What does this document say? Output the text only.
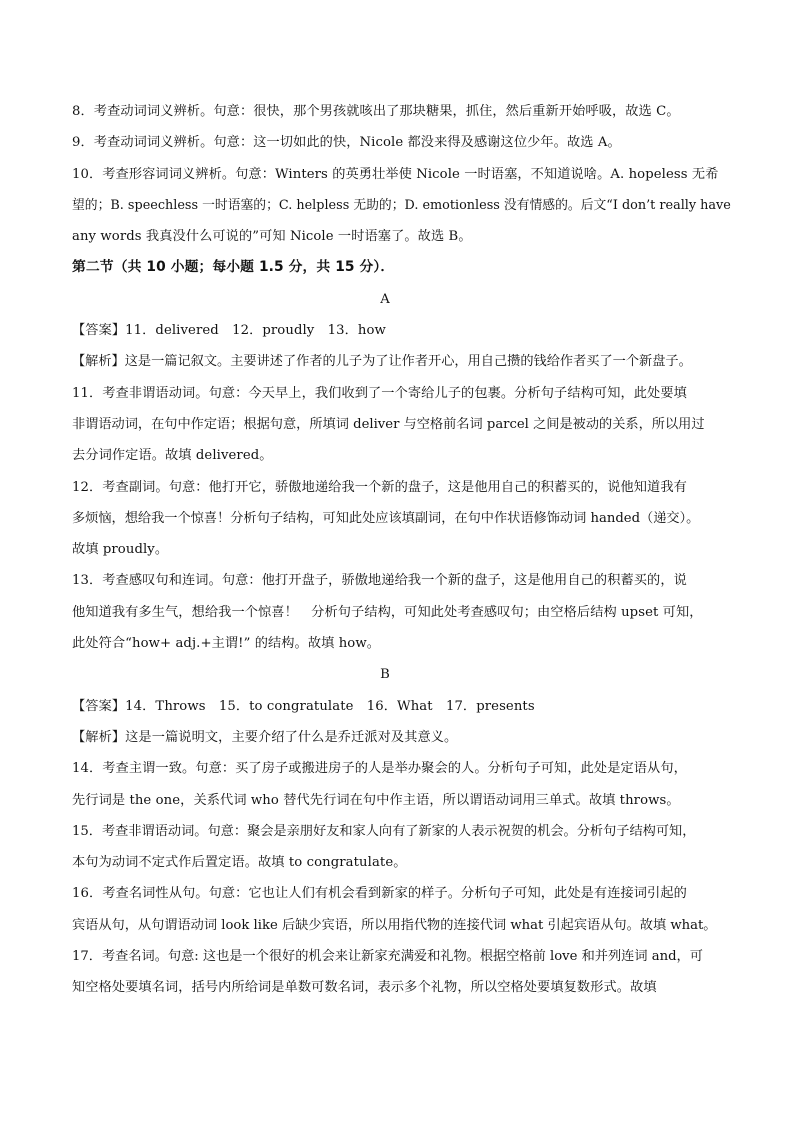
8．考查动词词义辨析。句意：很快，那个男孩就咳出了那块糖果，抓住，然后重新开始呼吸，故选 C。
9．考查动词词义辨析。句意：这一切如此的快，Nicole 都没来得及感谢这位少年。故选 A。
10．考查形容词词义辨析。句意：Winters 的英勇壮举使 Nicole 一时语塞，不知道说啥。A. hopeless 无希
望的；B. speechless 一时语塞的；C. helpless 无助的；D. emotionless 没有情感的。后文“I don’t really have
any words 我真没什么可说的”可知 Nicole 一时语塞了。故选 B。
第二节（共 10 小题；每小题 1.5 分，共 15 分）．
A
【答案】11．delivered　12．proudly　13．how
【解析】这是一篇记叙文。主要讲述了作者的儿子为了让作者开心，用自己攒的钱给作者买了一个新盘子。
11．考查非谓语动词。句意：今天早上，我们收到了一个寄给儿子的包裹。分析句子结构可知，此处要填
非谓语动词，在句中作定语；根据句意，所填词 deliver 与空格前名词 parcel 之间是被动的关系，所以用过
去分词作定语。故填 delivered。
12．考查副词。句意：他打开它，骄傲地递给我一个新的盘子，这是他用自己的积蓄买的，说他知道我有
多烦恼，想给我一个惊喜！分析句子结构，可知此处应该填副词，在句中作状语修饰动词 handed（递交）。
故填 proudly。
13．考查感叹句和连词。句意：他打开盘子，骄傲地递给我一个新的盘子，这是他用自己的积蓄买的，说
他知道我有多生气，想给我一个惊喜！　分析句子结构，可知此处考查感叹句；由空格后结构 upset 可知，
此处符合“how+ adj.+主谓!” 的结构。故填 how。
B
【答案】14．Throws　15．to congratulate　16．What　17．presents
【解析】这是一篇说明文，主要介绍了什么是乔迁派对及其意义。
14．考查主谓一致。句意：买了房子或搬进房子的人是举办聚会的人。分析句子可知，此处是定语从句，
先行词是 the one，关系代词 who 替代先行词在句中作主语，所以谓语动词用三单式。故填 throws。
15．考查非谓语动词。句意：聚会是亲朋好友和家人向有了新家的人表示祝贺的机会。分析句子结构可知，
本句为动词不定式作后置定语。故填 to congratulate。
16．考查名词性从句。句意：它也让人们有机会看到新家的样子。分析句子可知，此处是有连接词引起的
宾语从句，从句谓语动词 look like 后缺少宾语，所以用指代物的连接代词 what 引起宾语从句。故填 what。
17．考查名词。句意: 这也是一个很好的机会来让新家充满爱和礼物。根据空格前 love 和并列连词 and，可
知空格处要填名词，括号内所给词是单数可数名词，表示多个礼物，所以空格处要填复数形式。故填
